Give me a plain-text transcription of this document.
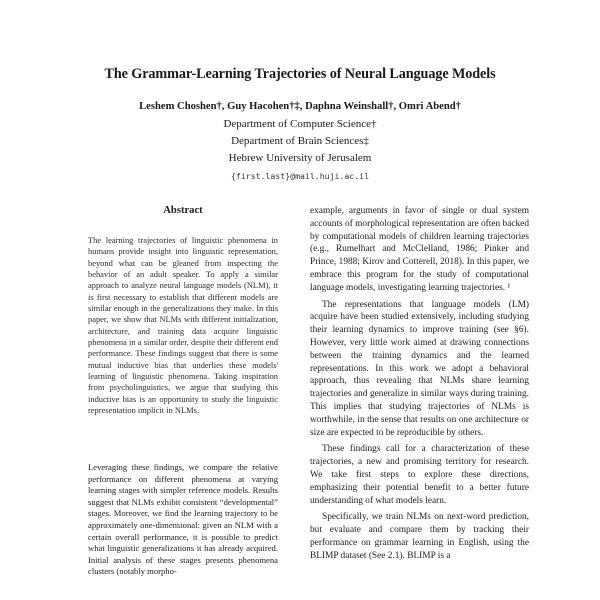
The Grammar-Learning Trajectories of Neural Language Models
Leshem Choshen†, Guy Hacohen†‡, Daphna Weinshall†, Omri Abend†
Department of Computer Science†
Department of Brain Sciences‡
Hebrew University of Jerusalem
{first.last}@mail.huji.ac.il
Abstract

The learning trajectories of linguistic phenomena in humans provide insight into linguistic representation, beyond what can be gleaned from inspecting the behavior of an adult speaker. To apply a similar approach to analyze neural language models (NLM), it is first necessary to establish that different models are similar enough in the generalizations they make. In this paper, we show that NLMs with different initialization, architecture, and training data acquire linguistic phenomena in a similar order, despite their different end performance. These findings suggest that there is some mutual inductive bias that underlies these models' learning of linguistic phenomena. Taking inspiration from psycholinguistics, we argue that studying this inductive bias is an opportunity to study the linguistic representation implicit in NLMs.

Leveraging these findings, we compare the relative performance on different phenomena at varying learning stages with simpler reference models. Results suggest that NLMs exhibit consistent “developmental” stages. Moreover, we find the learning trajectory to be approximately one-dimensional: given an NLM with a certain overall performance, it is possible to predict what linguistic generalizations it has already acquired. Initial analysis of these stages presents phenomena clusters (notably morpho-

example, arguments in favor of single or dual system accounts of morphological representation are often backed by computational models of children learning trajectories (e.g., Rumelhart and McClelland, 1986; Pinker and Prince, 1988; Kirov and Cotterell, 2018). In this paper, we embrace this program for the study of computational language models, investigating learning trajectories. ¹

The representations that language models (LM) acquire have been studied extensively, including studying their learning dynamics to improve training (see §6). However, very little work aimed at drawing connections between the training dynamics and the learned representations. In this work we adopt a behavioral approach, thus revealing that NLMs share learning trajectories and generalize in similar ways during training. This implies that studying trajectories of NLMs is worthwhile, in the sense that results on one architecture or size are expected to be reproducible by others.

These findings call for a characterization of these trajectories, a new and promising territory for research. We take first steps to explore these directions, emphasizing their potential benefit to a better future understanding of what models learn.

Specifically, we train NLMs on next-word prediction, but evaluate and compare them by tracking their performance on grammar learning in English, using the BLIMP dataset (See 2.1). BLIMP is a
